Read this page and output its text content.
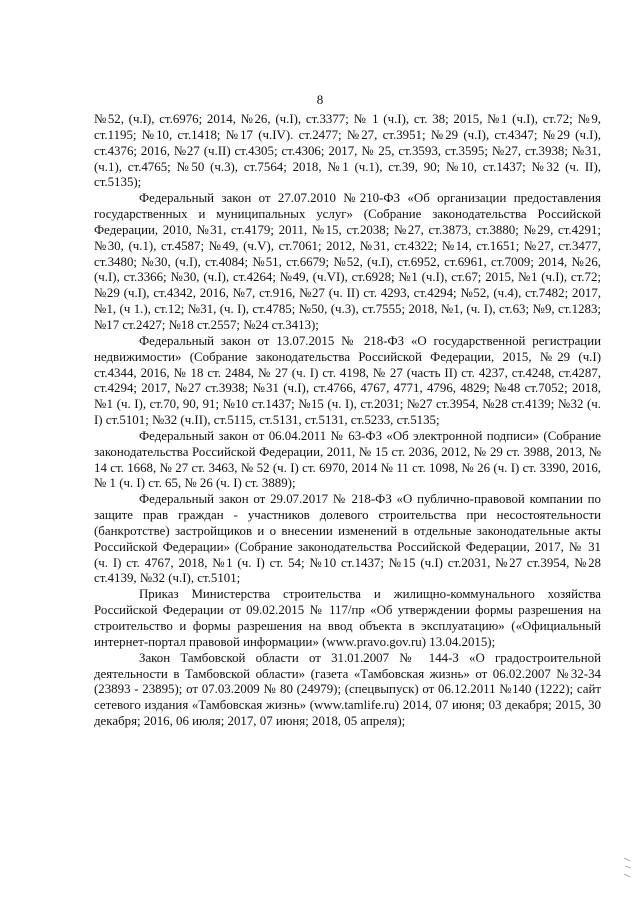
8

№52, (ч.I), ст.6976; 2014, №26, (ч.I), ст.3377; № 1 (ч.I), ст. 38; 2015, №1 (ч.I), ст.72; №9, ст.1195; №10, ст.1418; №17 (ч.IV). ст.2477; №27, ст.3951; №29 (ч.I), ст.4347; №29 (ч.I), ст.4376; 2016, №27 (ч.II) ст.4305; ст.4306; 2017, № 25, ст.3593, ст.3595; №27, ст.3938; №31, (ч.1), ст.4765; №50 (ч.3), ст.7564; 2018, №1 (ч.1), ст.39, 90; №10, ст.1437; №32 (ч. II), ст.5135);

Федеральный закон от 27.07.2010 №210-ФЗ «Об организации предоставления государственных и муниципальных услуг» (Собрание законодательства Российской Федерации, 2010, №31, ст.4179; 2011, №15, ст.2038; №27, ст.3873, ст.3880; №29, ст.4291; №30, (ч.1), ст.4587; №49, (ч.V), ст.7061; 2012, №31, ст.4322; №14, ст.1651; №27, ст.3477, ст.3480; №30, (ч.I), ст.4084; №51, ст.6679; №52, (ч.I), ст.6952, ст.6961, ст.7009; 2014, №26, (ч.I), ст.3366; №30, (ч.I), ст.4264; №49, (ч.VI), ст.6928; №1 (ч.I), ст.67; 2015, №1 (ч.I), ст.72; №29 (ч.I), ст.4342, 2016, №7, ст.916, №27 (ч. II) ст. 4293, ст.4294; №52, (ч.4), ст.7482; 2017, №1, (ч 1.), ст.12; №31, (ч. I), ст.4785; №50, (ч.3), ст.7555; 2018, №1, (ч. I), ст.63; №9, ст.1283; №17 ст.2427; №18 ст.2557; №24 ст.3413);

Федеральный закон от 13.07.2015 № 218-ФЗ «О государственной регистрации недвижимости» (Собрание законодательства Российской Федерации, 2015, №29 (ч.I) ст.4344, 2016, № 18 ст. 2484, № 27 (ч. I) ст. 4198, № 27 (часть II) ст. 4237, ст.4248, ст.4287, ст.4294; 2017, №27 ст.3938; №31 (ч.I), ст.4766, 4767, 4771, 4796, 4829; №48 ст.7052; 2018, №1 (ч. I), ст.70, 90, 91; №10 ст.1437; №15 (ч. I), ст.2031; №27 ст.3954, №28 ст.4139; №32 (ч. I) ст.5101; №32 (ч.II), ст.5115, ст.5131, ст.5131, ст.5233, ст.5135;

Федеральный закон от 06.04.2011 № 63-ФЗ «Об электронной подписи» (Собрание законодательства Российской Федерации, 2011, № 15 ст. 2036, 2012, № 29 ст. 3988, 2013, № 14 ст. 1668, № 27 ст. 3463, № 52 (ч. I) ст. 6970, 2014 № 11 ст. 1098, № 26 (ч. I) ст. 3390, 2016, № 1 (ч. I) ст. 65, № 26 (ч. I) ст. 3889);

Федеральный закон от 29.07.2017 № 218-ФЗ «О публично-правовой компании по защите прав граждан - участников долевого строительства при несостоятельности (банкротстве) застройщиков и о внесении изменений в отдельные законодательные акты Российской Федерации» (Собрание законодательства Российской Федерации, 2017, № 31 (ч. I) ст. 4767, 2018, №1 (ч. I) ст. 54; №10 ст.1437; №15 (ч.I) ст.2031, №27 ст.3954, №28 ст.4139, №32 (ч.I), ст.5101;

Приказ Министерства строительства и жилищно-коммунального хозяйства Российской Федерации от 09.02.2015 № 117/пр «Об утверждении формы разрешения на строительство и формы разрешения на ввод объекта в эксплуатацию» («Официальный интернет-портал правовой информации» (www.pravo.gov.ru) 13.04.2015);

Закон Тамбовской области от 31.01.2007 № 144-З «О градостроительной деятельности в Тамбовской области» (газета «Тамбовская жизнь» от 06.02.2007 №32-34 (23893 - 23895); от 07.03.2009 № 80 (24979); (спецвыпуск) от 06.12.2011 №140 (1222); сайт сетевого издания «Тамбовская жизнь» (www.tamlife.ru) 2014, 07 июня; 03 декабря; 2015, 30 декабря; 2016, 06 июля; 2017, 07 июня; 2018, 05 апреля);
